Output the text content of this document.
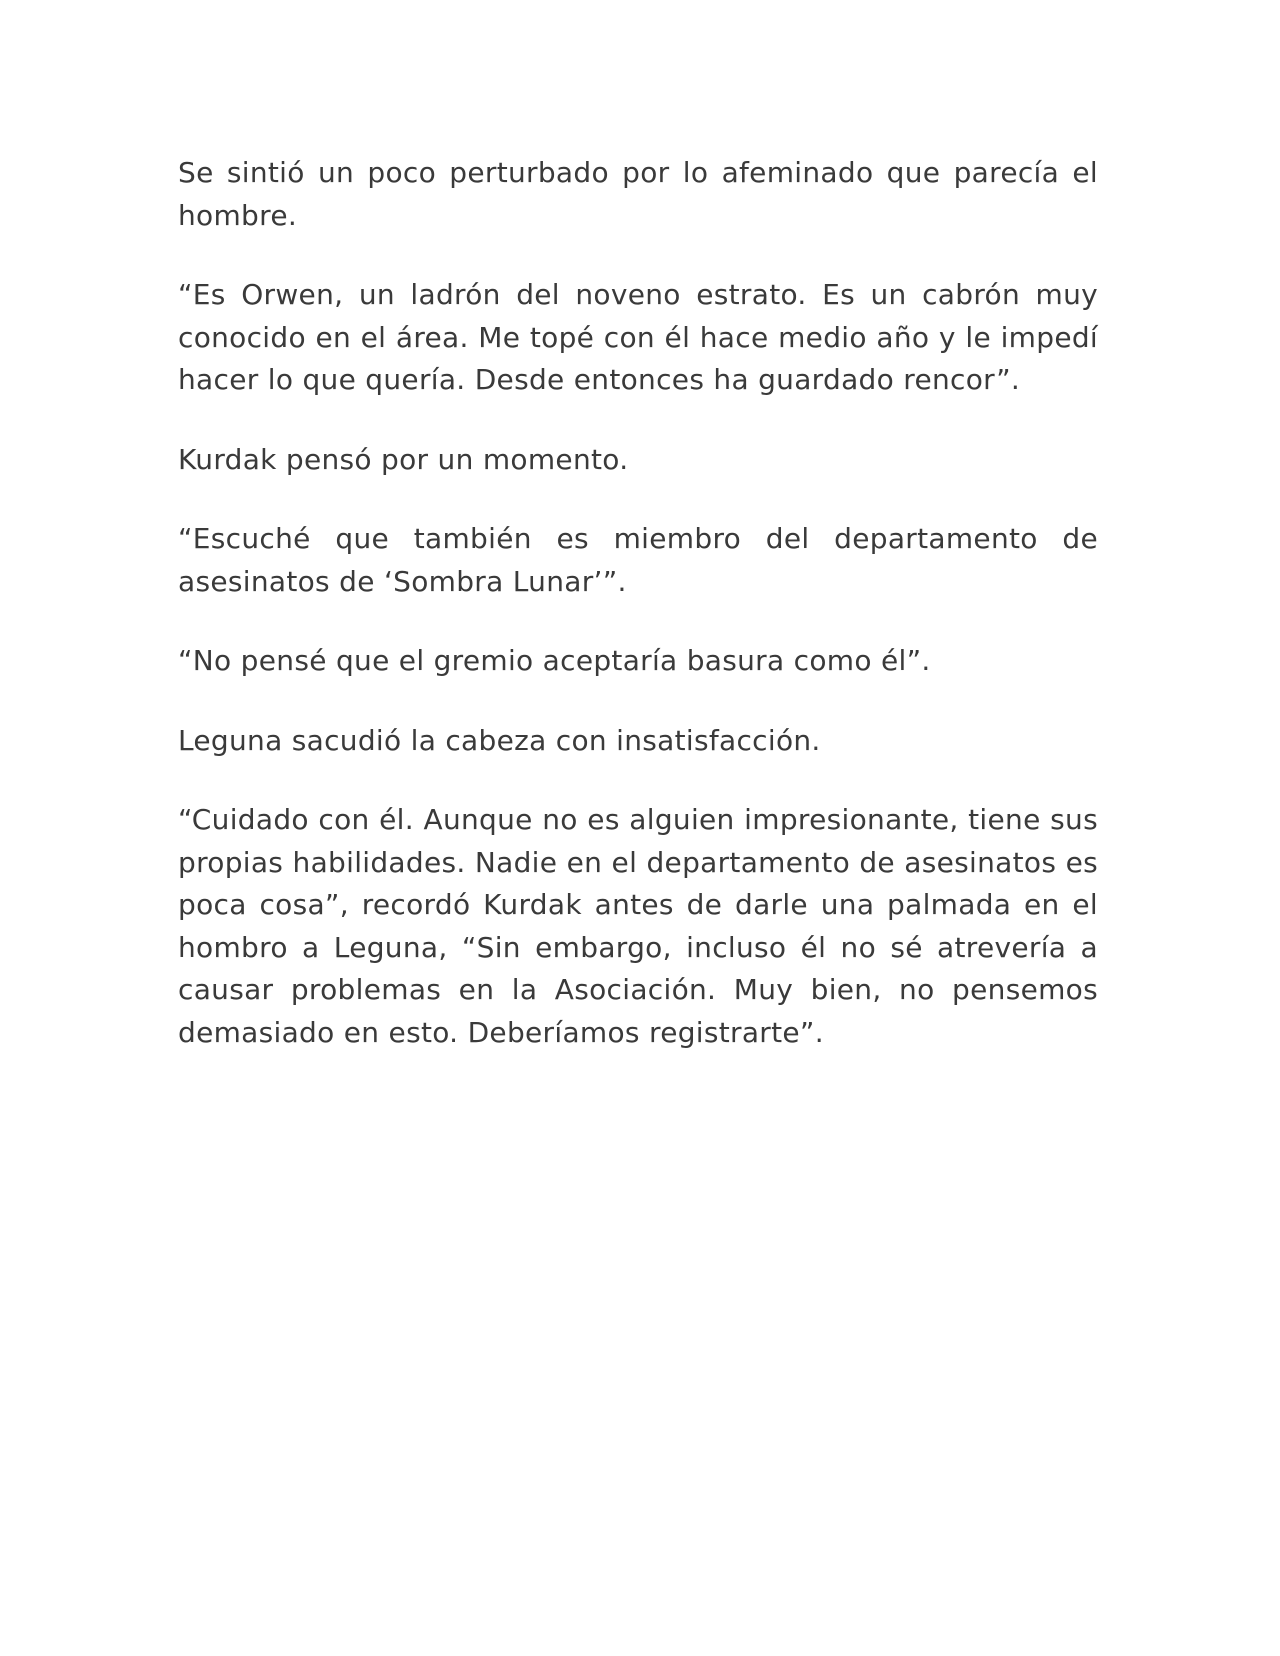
Se sintió un poco perturbado por lo afeminado que parecía el hombre.

“Es Orwen, un ladrón del noveno estrato. Es un cabrón muy conocido en el área. Me topé con él hace medio año y le impedí hacer lo que quería. Desde entonces ha guardado rencor”.

Kurdak pensó por un momento.

“Escuché que también es miembro del departamento de asesinatos de ‘Sombra Lunar’”.

“No pensé que el gremio aceptaría basura como él”.

Leguna sacudió la cabeza con insatisfacción.

“Cuidado con él. Aunque no es alguien impresionante, tiene sus propias habilidades. Nadie en el departamento de asesinatos es poca cosa”, recordó Kurdak antes de darle una palmada en el hombro a Leguna, “Sin embargo, incluso él no sé atrevería a causar problemas en la Asociación. Muy bien, no pensemos demasiado en esto. Deberíamos registrarte”.
